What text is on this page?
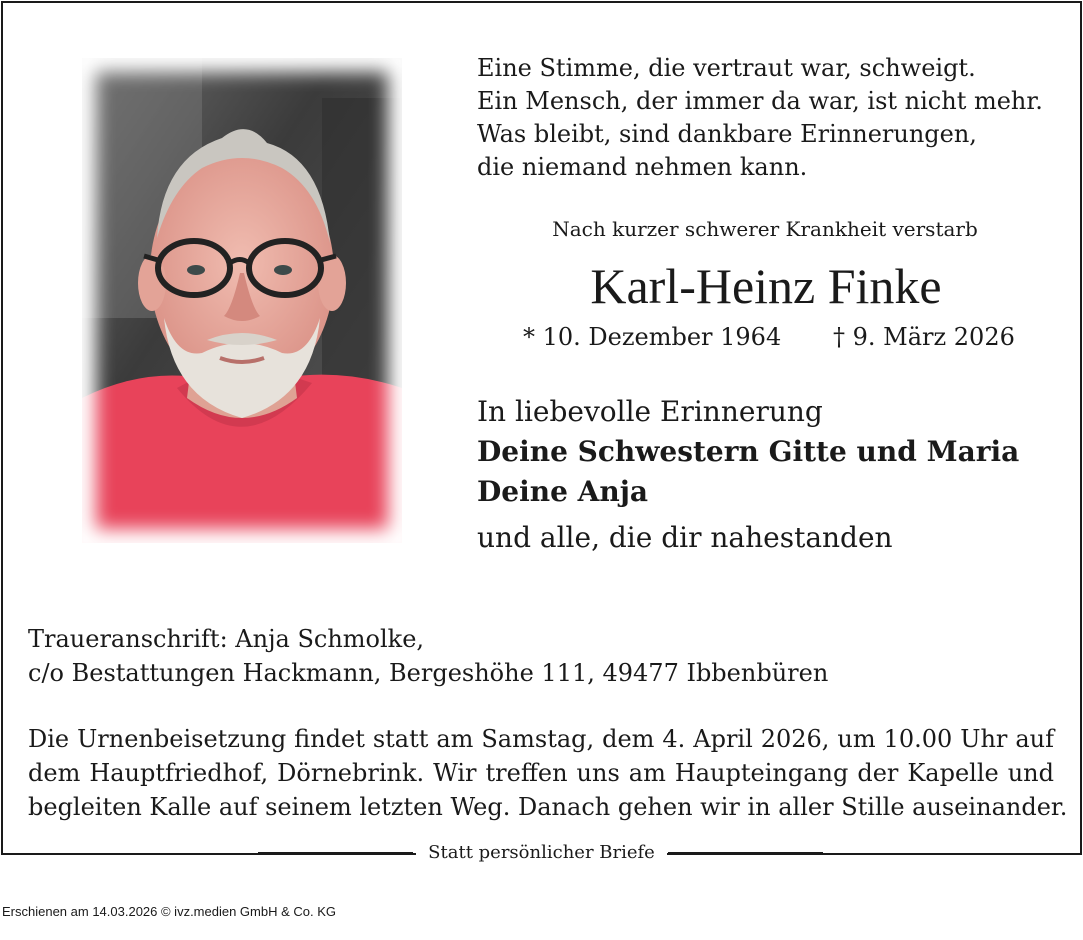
Eine Stimme, die vertraut war, schweigt.
Ein Mensch, der immer da war, ist nicht mehr.
Was bleibt, sind dankbare Erinnerungen,
die niemand nehmen kann.
Nach kurzer schwerer Krankheit verstarb
Karl-Heinz Finke
* 10. Dezember 1964 † 9. März 2026
In liebevolle Erinnerung
Deine Schwestern Gitte und Maria
Deine Anja
und alle, die dir nahestanden
Traueranschrift: Anja Schmolke,
c/o Bestattungen Hackmann, Bergeshöhe 111, 49477 Ibbenbüren
Die Urnenbeisetzung findet statt am Samstag, dem 4. April 2026, um 10.00 Uhr auf
dem Hauptfriedhof, Dörnebrink. Wir treffen uns am Haupteingang der Kapelle und
begleiten Kalle auf seinem letzten Weg. Danach gehen wir in aller Stille auseinander.
Statt persönlicher Briefe
Erschienen am 14.03.2026 © ivz.medien GmbH & Co. KG
